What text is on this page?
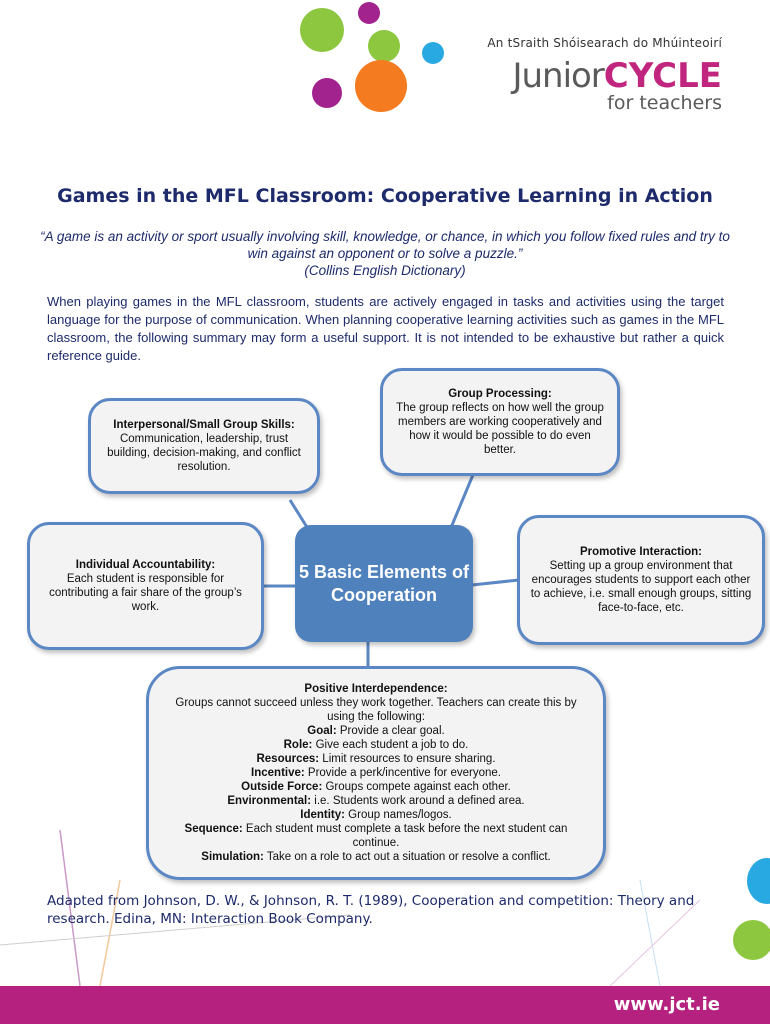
An tSraith Shóisearach do Mhúinteoirí
JuniorCYCLE
for teachers
Games in the MFL Classroom: Cooperative Learning in Action
“A game is an activity or sport usually involving skill, knowledge, or chance, in which you follow fixed rules and try to win against an opponent or to solve a puzzle.”
(Collins English Dictionary)
When playing games in the MFL classroom, students are actively engaged in tasks and activities using the target language for the purpose of communication. When planning cooperative learning activities such as games in the MFL classroom, the following summary may form a useful support. It is not intended to be exhaustive but rather a quick reference guide.
Interpersonal/Small Group Skills:
Communication, leadership, trust building, decision-making, and conflict resolution.
Group Processing:
The group reflects on how well the group members are working cooperatively and how it would be possible to do even better.
Individual Accountability:
Each student is responsible for contributing a fair share of the group’s work.
5 Basic Elements of Cooperation
Promotive Interaction:
Setting up a group environment that encourages students to support each other to achieve, i.e. small enough groups, sitting face-to-face, etc.
Positive Interdependence:
Groups cannot succeed unless they work together. Teachers can create this by using the following:
Goal: Provide a clear goal.
Role: Give each student a job to do.
Resources: Limit resources to ensure sharing.
Incentive: Provide a perk/incentive for everyone.
Outside Force: Groups compete against each other.
Environmental: i.e. Students work around a defined area.
Identity: Group names/logos.
Sequence: Each student must complete a task before the next student can continue.
Simulation: Take on a role to act out a situation or resolve a conflict.
Adapted from Johnson, D. W., & Johnson, R. T. (1989), Cooperation and competition: Theory and research. Edina, MN: Interaction Book Company.
www.jct.ie
